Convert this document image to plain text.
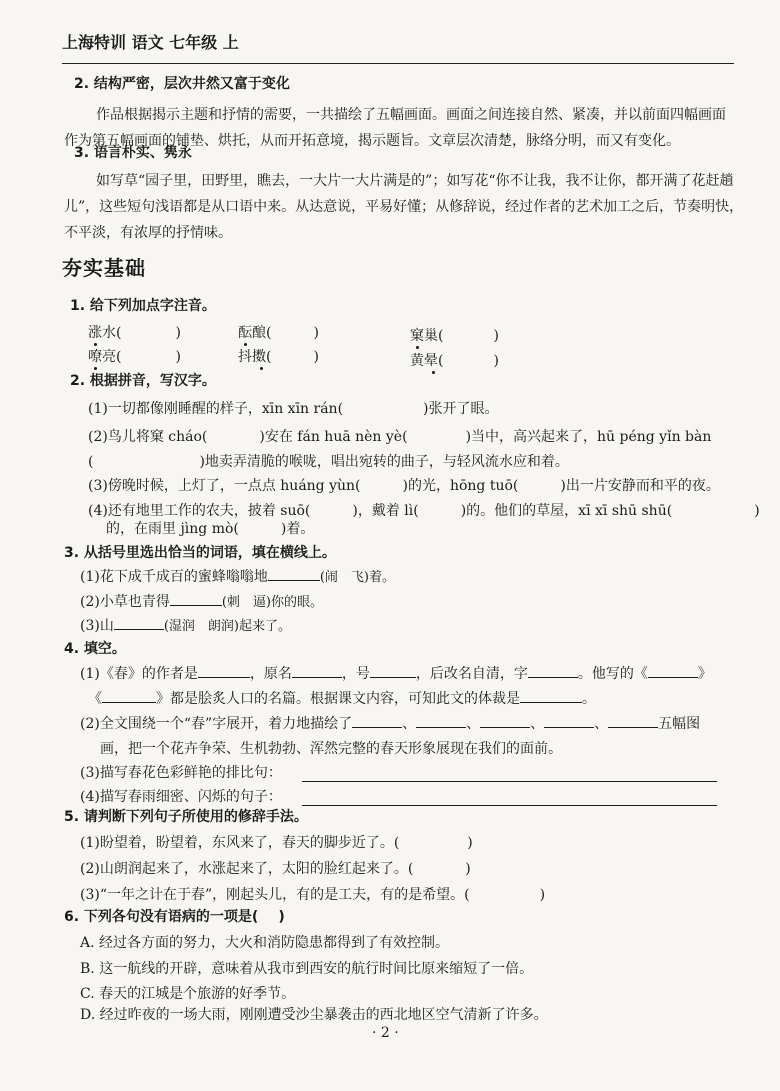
上海特训 语文 七年级 上
2. 结构严密，层次井然又富于变化
作品根据揭示主题和抒情的需要，一共描绘了五幅画面。画面之间连接自然、紧凑，并以前面四幅画面
作为第五幅画面的铺垫、烘托，从而开拓意境，揭示题旨。文章层次清楚，脉络分明，而又有变化。
3. 语言朴实、隽永
如写草“园子里，田野里，瞧去，一大片一大片满是的”；如写花“你不让我，我不让你，都开满了花赶趟
儿”，这些短句浅语都是从口语中来。从达意说，平易好懂；从修辞说，经过作者的艺术加工之后，节奏明快，
不平淡，有浓厚的抒情味。
夯实基础
1. 给下列加点字注音。
涨水(	)	酝酿(	)	窠巢(	)
嘹亮(	)	抖擞(	)	黄晕(	)
2. 根据拼音，写汉字。
(1)一切都像刚睡醒的样子，xīn xīn rán(	)张开了眼。
(2)鸟儿将窠 cháo(	)安在 fán huā nèn yè(	)当中，高兴起来了，hū péng yǐn bàn
(	)地卖弄清脆的喉咙，唱出宛转的曲子，与轻风流水应和着。
(3)傍晚时候，上灯了，一点点 huáng yùn(	)的光，hōng tuō(	)出一片安静而和平的夜。
(4)还有地里工作的农夫，披着 suō(	)，戴着 lì(	)的。他们的草屋，xī xī shū shū(	)
的，在雨里 jìng mò(	)着。
3. 从括号里选出恰当的词语，填在横线上。
(1)花下成千成百的蜜蜂嗡嗡地	(闹　飞)着。
(2)小草也青得	(刺　逼)你的眼。
(3)山	(湿润　朗润)起来了。
4. 填空。
(1)《春》的作者是	，原名	，号	，后改名自清，字	。他写的《	》
《	》都是脍炙人口的名篇。根据课文内容，可知此文的体裁是	。
(2)全文围绕一个“春”字展开，着力地描绘了	、	、	、	、	五幅图
画，把一个花卉争荣、生机勃勃、浑然完整的春天形象展现在我们的面前。
(3)描写春花色彩鲜艳的排比句：
(4)描写春雨细密、闪烁的句子：
5. 请判断下列句子所使用的修辞手法。
(1)盼望着，盼望着，东风来了，春天的脚步近了。(	)
(2)山朗润起来了，水涨起来了，太阳的脸红起来了。(	)
(3)“一年之计在于春”，刚起头儿，有的是工夫，有的是希望。(	)
6. 下列各句没有语病的一项是( )
A. 经过各方面的努力，大火和消防隐患都得到了有效控制。
B. 这一航线的开辟，意味着从我市到西安的航行时间比原来缩短了一倍。
C. 春天的江城是个旅游的好季节。
D. 经过昨夜的一场大雨，刚刚遭受沙尘暴袭击的西北地区空气清新了许多。
· 2 ·
